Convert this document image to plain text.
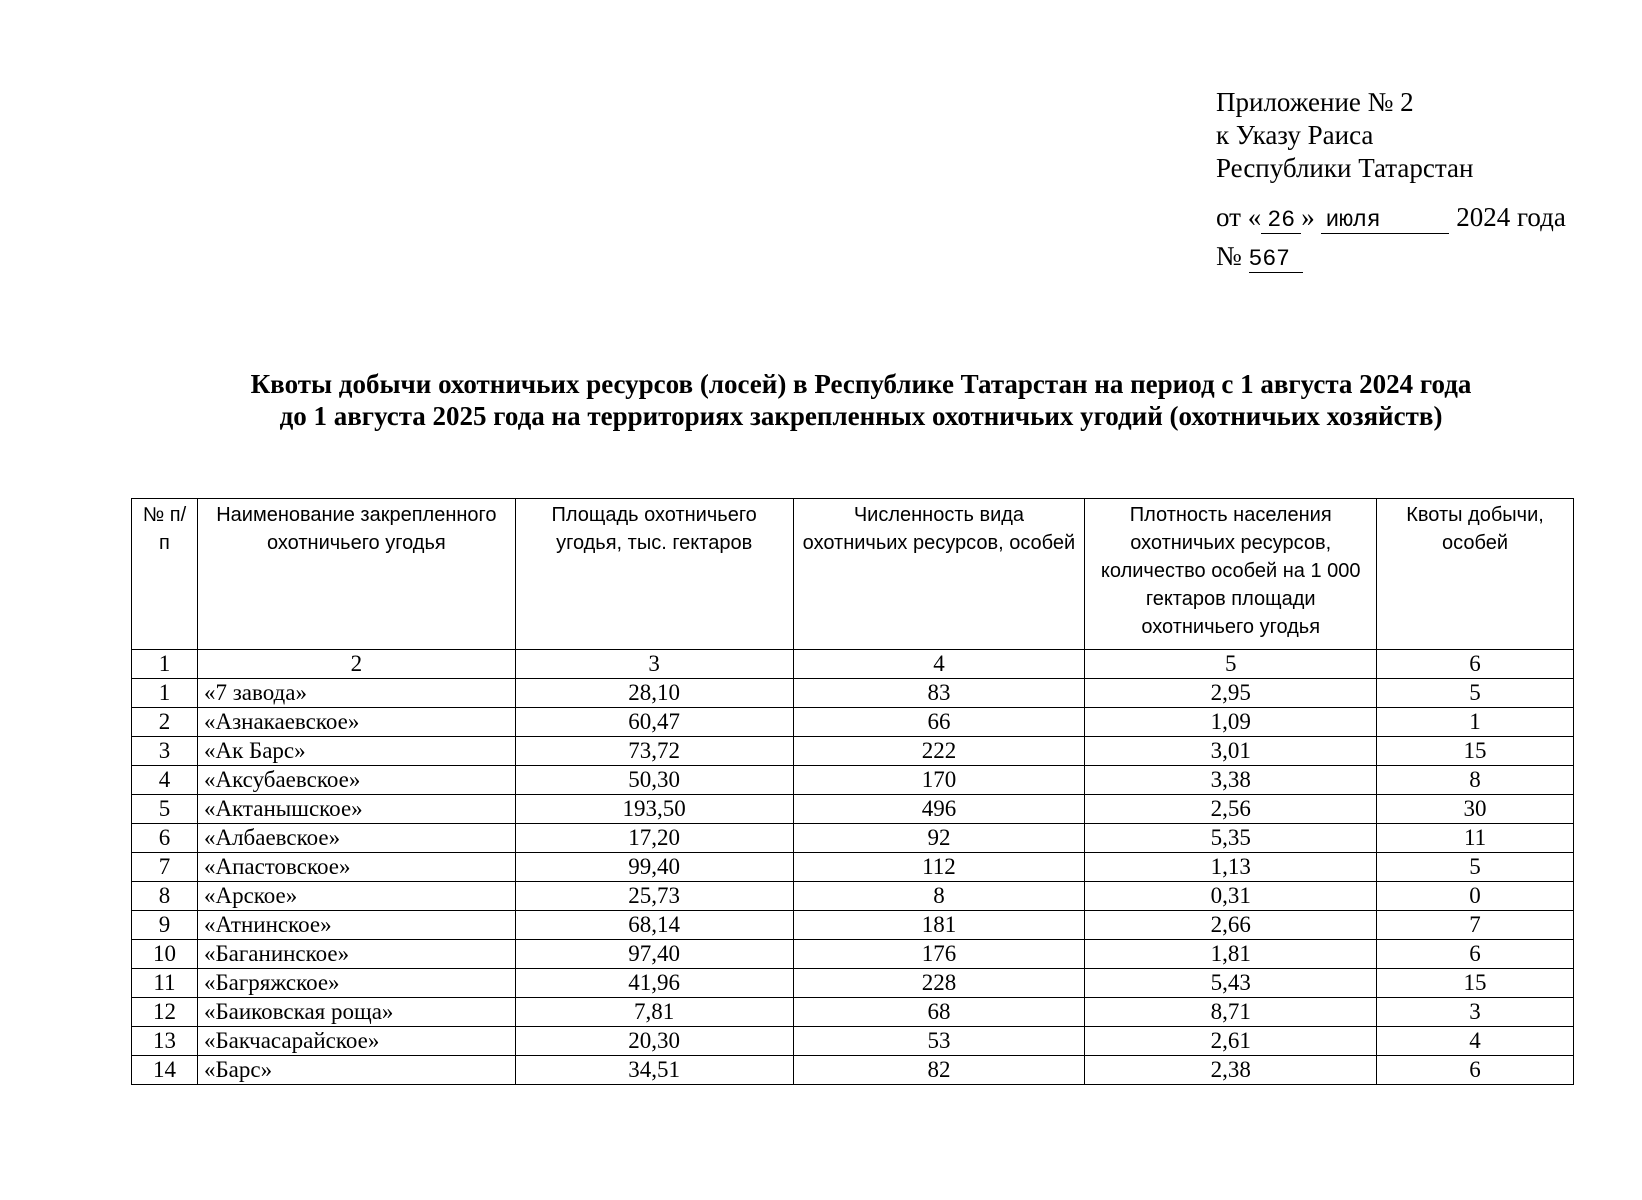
Приложение № 2
к Указу Раиса
Республики Татарстан
от « 26 » июля	2024 года
№ 567
Квоты добычи охотничьих ресурсов (лосей) в Республике Татарстан на период с 1 августа 2024 года
до 1 августа 2025 года на территориях закрепленных охотничьих угодий (охотничьих хозяйств)
№ п/п	Наименование закрепленного охотничьего угодья	Площадь охотничьего угодья, тыс. гектаров	Численность вида охотничьих ресурсов, особей	Плотность населения охотничьих ресурсов, количество особей на 1 000 гектаров площади охотничьего угодья	Квоты добычи, особей
1	2	3	4	5	6
1	«7 завода»	28,10	83	2,95	5
2	«Азнакаевское»	60,47	66	1,09	1
3	«Ак Барс»	73,72	222	3,01	15
4	«Аксубаевское»	50,30	170	3,38	8
5	«Актанышское»	193,50	496	2,56	30
6	«Албаевское»	17,20	92	5,35	11
7	«Апастовское»	99,40	112	1,13	5
8	«Арское»	25,73	8	0,31	0
9	«Атнинское»	68,14	181	2,66	7
10	«Баганинское»	97,40	176	1,81	6
11	«Багряжское»	41,96	228	5,43	15
12	«Баиковская роща»	7,81	68	8,71	3
13	«Бакчасарайское»	20,30	53	2,61	4
14	«Барс»	34,51	82	2,38	6
